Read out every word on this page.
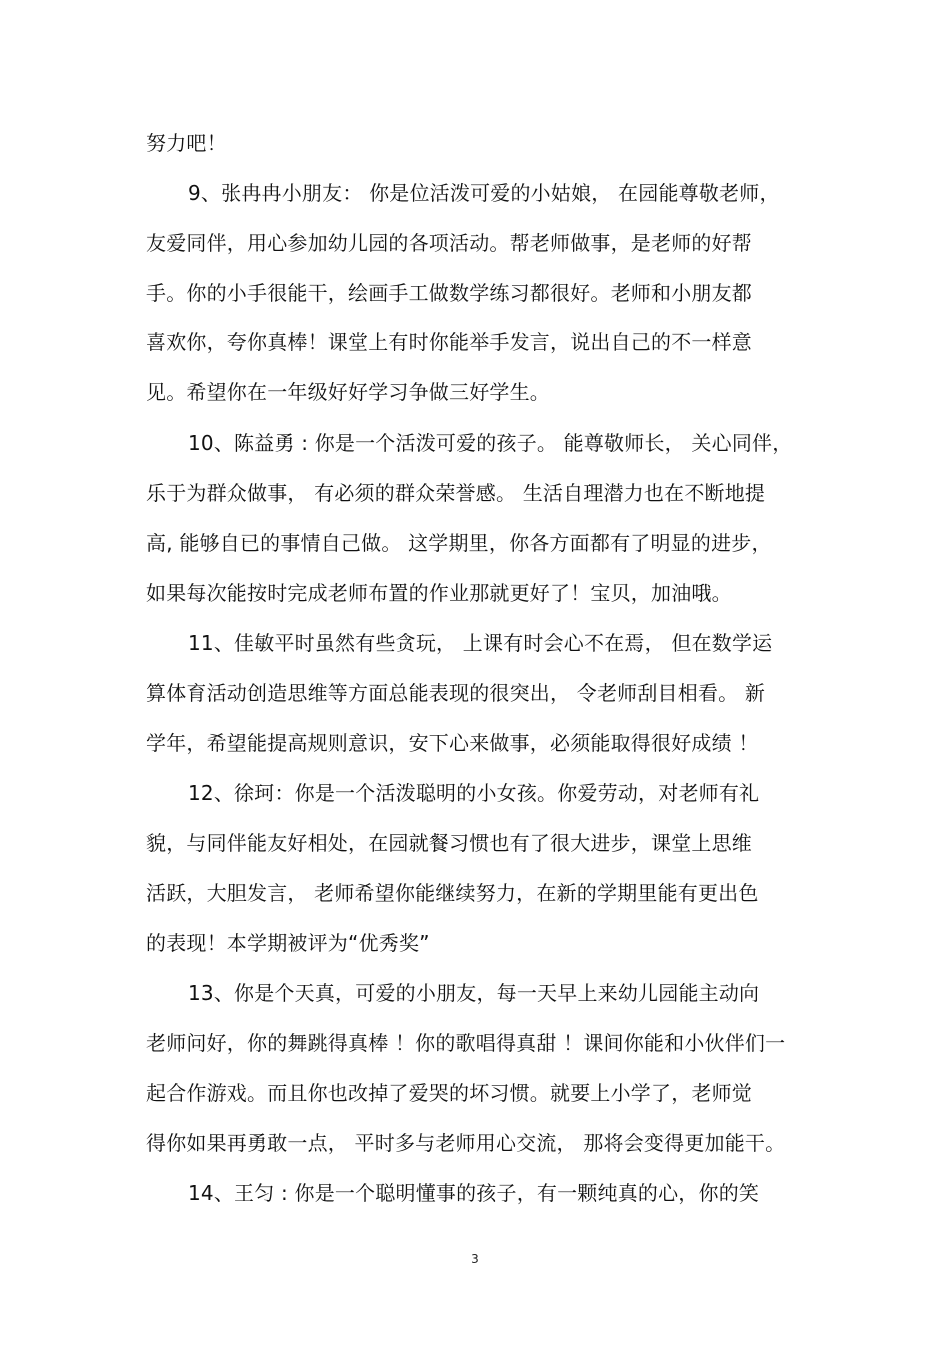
努力吧！
9、张冉冉小朋友： 你是位活泼可爱的小姑娘， 在园能尊敬老师，
友爱同伴，用心参加幼儿园的各项活动。帮老师做事，是老师的好帮
手。你的小手很能干，绘画手工做数学练习都很好。老师和小朋友都
喜欢你，夸你真棒！课堂上有时你能举手发言，说出自己的不一样意
见。希望你在一年级好好学习争做三好学生。
10、陈益勇 : 你是一个活泼可爱的孩子。 能尊敬师长， 关心同伴，
乐于为群众做事， 有必须的群众荣誉感。 生活自理潜力也在不断地提
高, 能够自已的事情自己做。 这学期里，你各方面都有了明显的进步，
如果每次能按时完成老师布置的作业那就更好了！宝贝，加油哦。
11、佳敏平时虽然有些贪玩， 上课有时会心不在焉， 但在数学运
算体育活动创造思维等方面总能表现的很突出， 令老师刮目相看。 新
学年，希望能提高规则意识，安下心来做事，必须能取得很好成绩 ！
12、徐珂：你是一个活泼聪明的小女孩。你爱劳动，对老师有礼
貌，与同伴能友好相处，在园就餐习惯也有了很大进步，课堂上思维
活跃，大胆发言， 老师希望你能继续努力，在新的学期里能有更出色
的表现！本学期被评为“优秀奖”
13、你是个天真，可爱的小朋友，每一天早上来幼儿园能主动向
老师问好，你的舞跳得真棒 ！你的歌唱得真甜 ！课间你能和小伙伴们一
起合作游戏。而且你也改掉了爱哭的坏习惯。就要上小学了，老师觉
得你如果再勇敢一点， 平时多与老师用心交流， 那将会变得更加能干。
14、王匀 : 你是一个聪明懂事的孩子，有一颗纯真的心，你的笑
3
